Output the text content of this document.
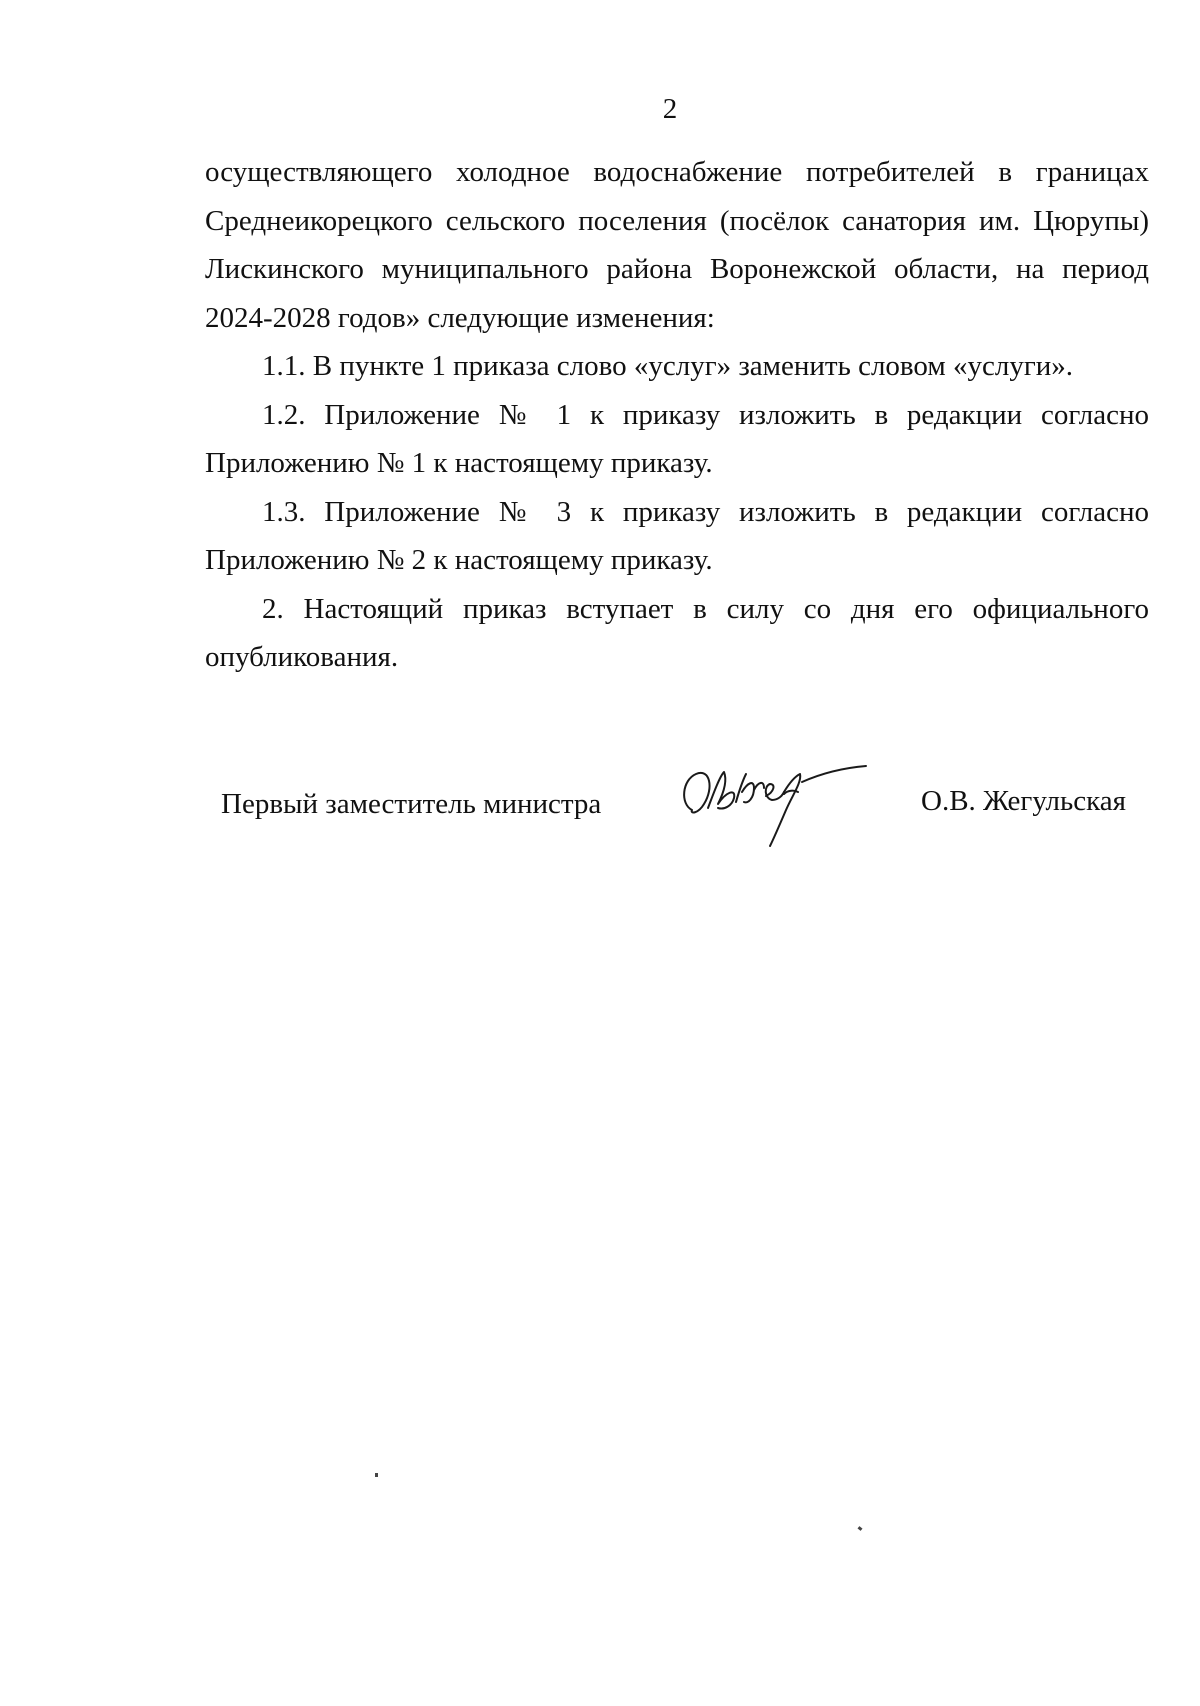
2

осуществляющего холодное водоснабжение потребителей в границах Среднеикорецкого сельского поселения (посёлок санатория им. Цюрупы) Лискинского муниципального района Воронежской области, на период 2024-2028 годов» следующие изменения:

1.1. В пункте 1 приказа слово «услуг» заменить словом «услуги».

1.2. Приложение № 1 к приказу изложить в редакции согласно Приложению № 1 к настоящему приказу.

1.3. Приложение № 3 к приказу изложить в редакции согласно Приложению № 2 к настоящему приказу.

2. Настоящий приказ вступает в силу со дня его официального опубликования.

Первый заместитель министра	О.В. Жегульская
